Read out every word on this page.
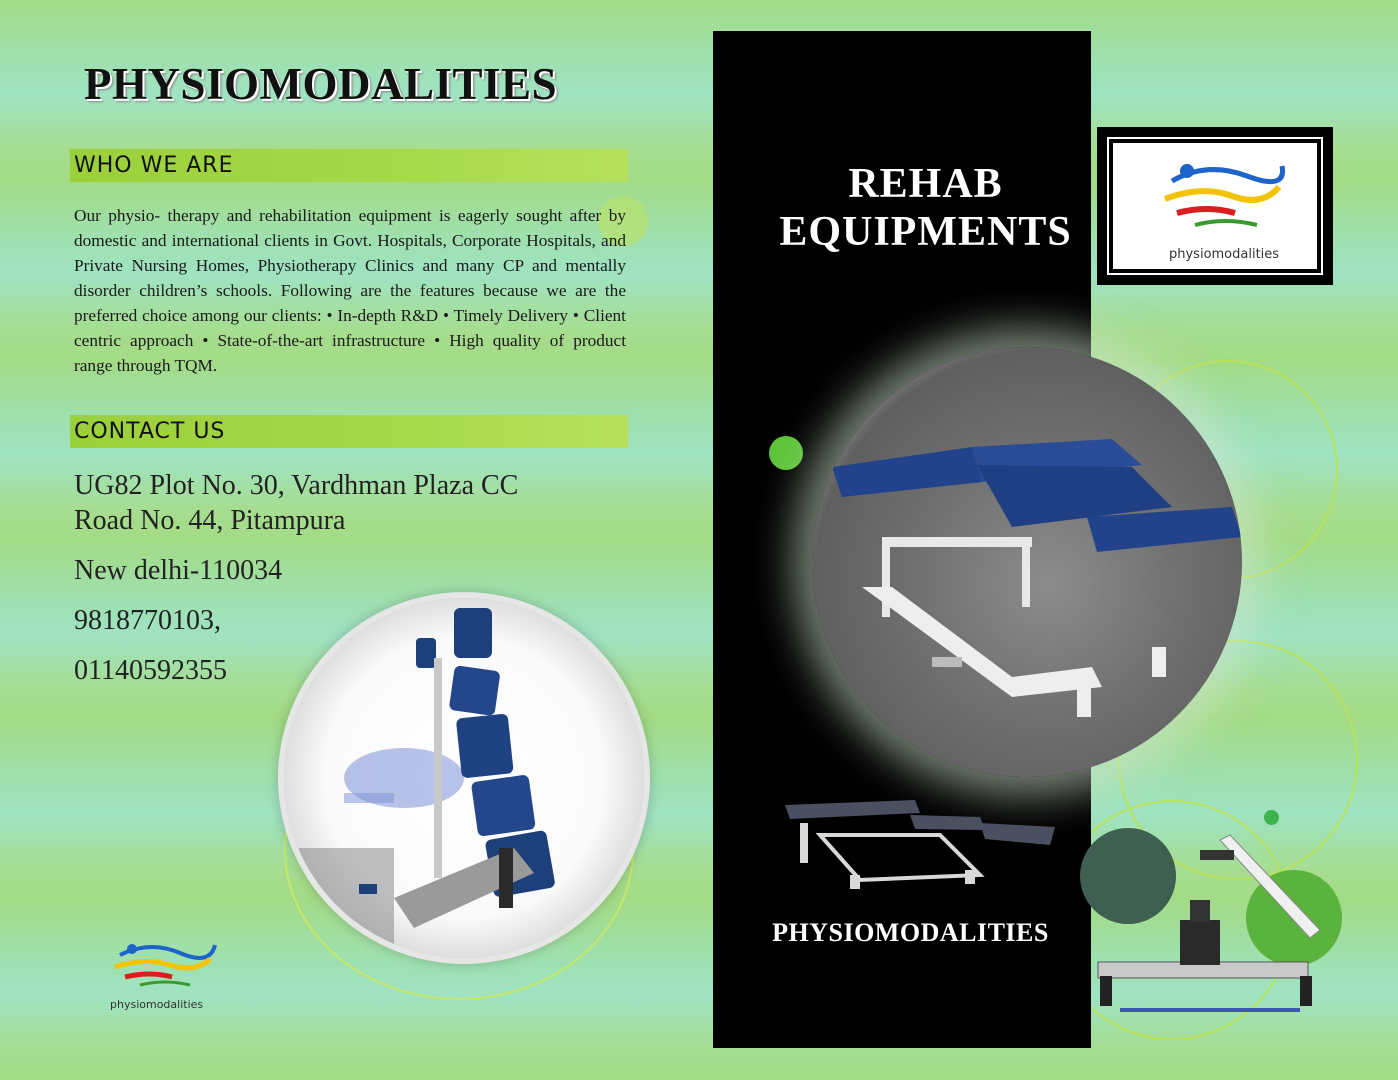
PHYSIOMODALITIES
WHO WE ARE
Our physio- therapy and rehabilitation equipment is eagerly sought after by domestic and international clients in Govt. Hospitals, Corporate Hospitals, and Private Nursing Homes, Physiotherapy Clinics and many CP and mentally disorder children’s schools. Following are the features because we are the preferred choice among our clients: • In-depth R&D • Timely Delivery • Client centric approach • State-of-the-art infrastructure • High quality of product range through TQM.
CONTACT US
UG82 Plot No. 30, Vardhman Plaza CC
Road No. 44, Pitampura
New delhi-110034
9818770103,
01140592355
physiomodalities
REHAB
EQUIPMENTS
PHYSIOMODALITIES
physiomodalities
